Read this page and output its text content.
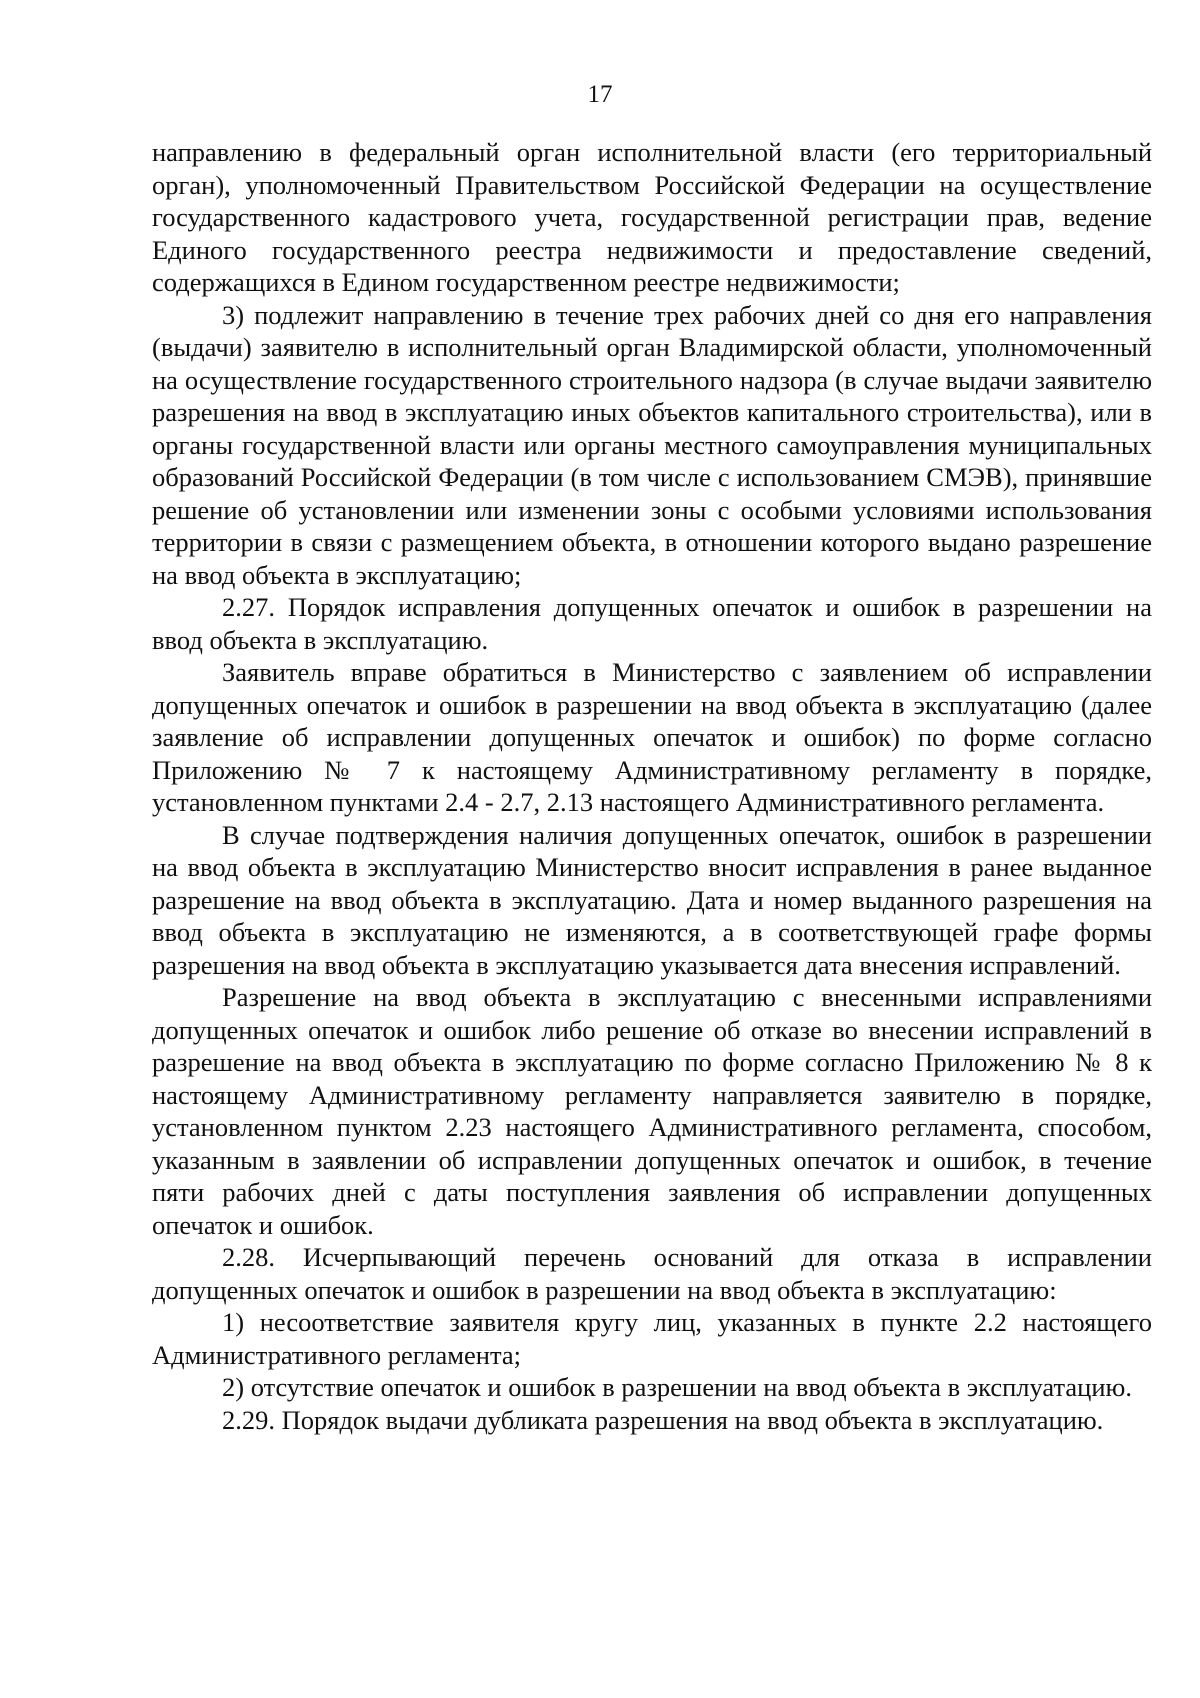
17

направлению в федеральный орган исполнительной власти (его территориальный орган), уполномоченный Правительством Российской Федерации на осуществление государственного кадастрового учета, государственной регистрации прав, ведение Единого государственного реестра недвижимости и предоставление сведений, содержащихся в Едином государственном реестре недвижимости;

3) подлежит направлению в течение трех рабочих дней со дня его направления (выдачи) заявителю в исполнительный орган Владимирской области, уполномоченный на осуществление государственного строительного надзора (в случае выдачи заявителю разрешения на ввод в эксплуатацию иных объектов капитального строительства), или в органы государственной власти или органы местного самоуправления муниципальных образований Российской Федерации (в том числе с использованием СМЭВ), принявшие решение об установлении или изменении зоны с особыми условиями использования территории в связи с размещением объекта, в отношении которого выдано разрешение на ввод объекта в эксплуатацию;

2.27. Порядок исправления допущенных опечаток и ошибок в разрешении на ввод объекта в эксплуатацию.

Заявитель вправе обратиться в Министерство с заявлением об исправлении допущенных опечаток и ошибок в разрешении на ввод объекта в эксплуатацию (далее заявление об исправлении допущенных опечаток и ошибок) по форме согласно Приложению № 7 к настоящему Административному регламенту в порядке, установленном пунктами 2.4 - 2.7, 2.13 настоящего Административного регламента.

В случае подтверждения наличия допущенных опечаток, ошибок в разрешении на ввод объекта в эксплуатацию Министерство вносит исправления в ранее выданное разрешение на ввод объекта в эксплуатацию. Дата и номер выданного разрешения на ввод объекта в эксплуатацию не изменяются, а в соответствующей графе формы разрешения на ввод объекта в эксплуатацию указывается дата внесения исправлений.

Разрешение на ввод объекта в эксплуатацию с внесенными исправлениями допущенных опечаток и ошибок либо решение об отказе во внесении исправлений в разрешение на ввод объекта в эксплуатацию по форме согласно Приложению № 8 к настоящему Административному регламенту направляется заявителю в порядке, установленном пунктом 2.23 настоящего Административного регламента, способом, указанным в заявлении об исправлении допущенных опечаток и ошибок, в течение пяти рабочих дней с даты поступления заявления об исправлении допущенных опечаток и ошибок.

2.28. Исчерпывающий перечень оснований для отказа в исправлении допущенных опечаток и ошибок в разрешении на ввод объекта в эксплуатацию:

1) несоответствие заявителя кругу лиц, указанных в пункте 2.2 настоящего Административного регламента;

2) отсутствие опечаток и ошибок в разрешении на ввод объекта в эксплуатацию.

2.29. Порядок выдачи дубликата разрешения на ввод объекта в эксплуатацию.
